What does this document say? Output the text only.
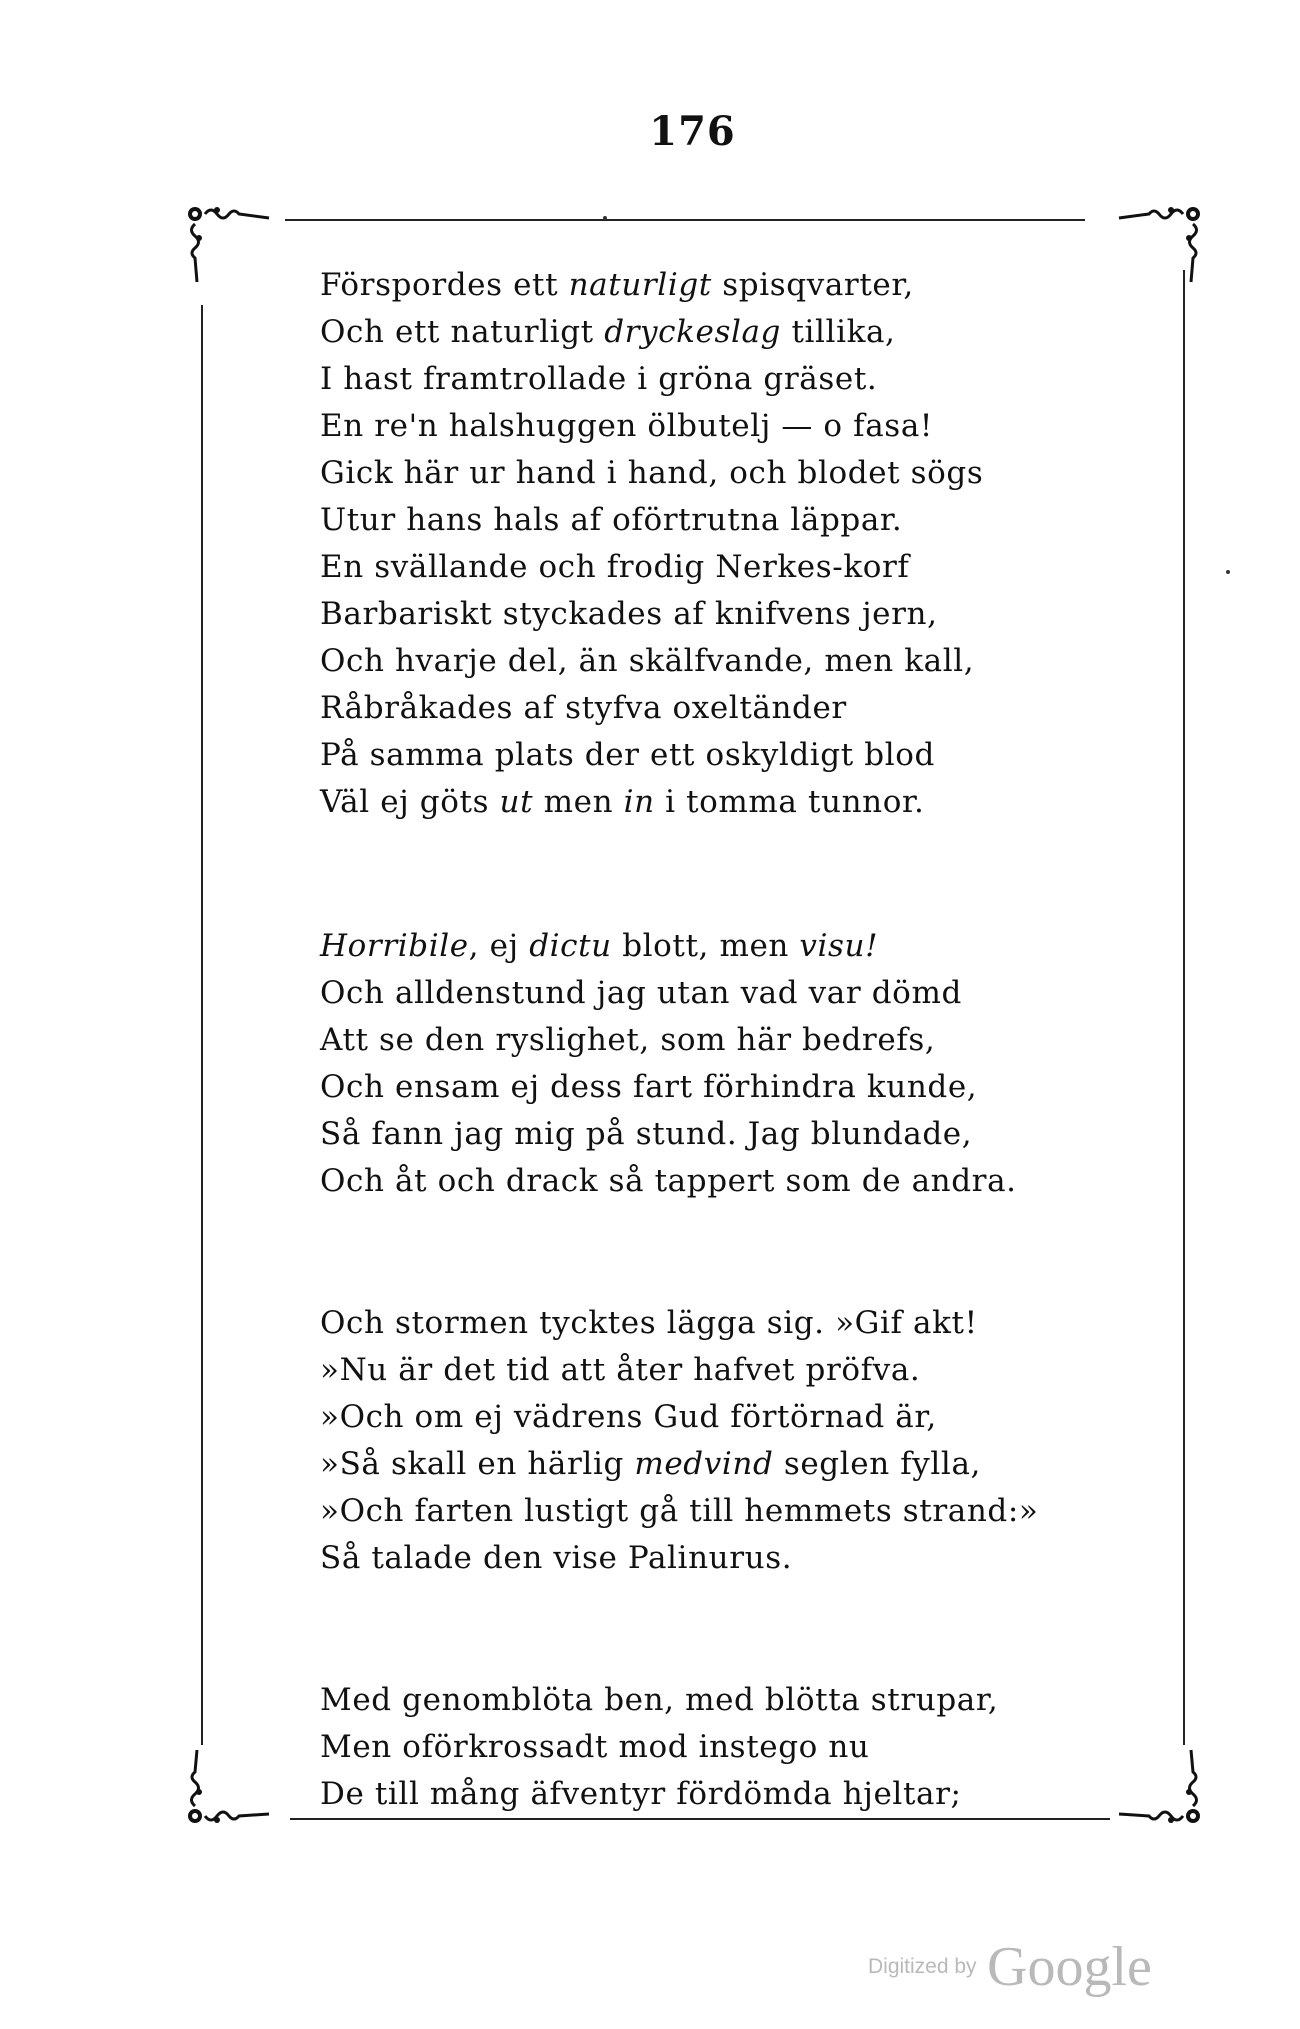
176
Förspordes ett naturligt spisqvarter,
Och ett naturligt dryckeslag tillika,
I hast framtrollade i gröna gräset.
En re'n halshuggen ölbutelj — o fasa!
Gick här ur hand i hand, och blodet sögs
Utur hans hals af oförtrutna läppar.
En svällande och frodig Nerkes-korf
Barbariskt styckades af knifvens jern,
Och hvarje del, än skälfvande, men kall,
Råbråkades af styfva oxeltänder
På samma plats der ett oskyldigt blod
Väl ej göts ut men in i tomma tunnor.
Horribile, ej dictu blott, men visu!
Och alldenstund jag utan vad var dömd
Att se den ryslighet, som här bedrefs,
Och ensam ej dess fart förhindra kunde,
Så fann jag mig på stund. Jag blundade,
Och åt och drack så tappert som de andra.
Och stormen tycktes lägga sig. »Gif akt!
»Nu är det tid att åter hafvet pröfva.
»Och om ej vädrens Gud förtörnad är,
»Så skall en härlig medvind seglen fylla,
»Och farten lustigt gå till hemmets strand:»
Så talade den vise Palinurus.
Med genomblöta ben, med blötta strupar,
Men oförkrossadt mod instego nu
De till mång äfventyr fördömda hjeltar;
Digitized by Google
